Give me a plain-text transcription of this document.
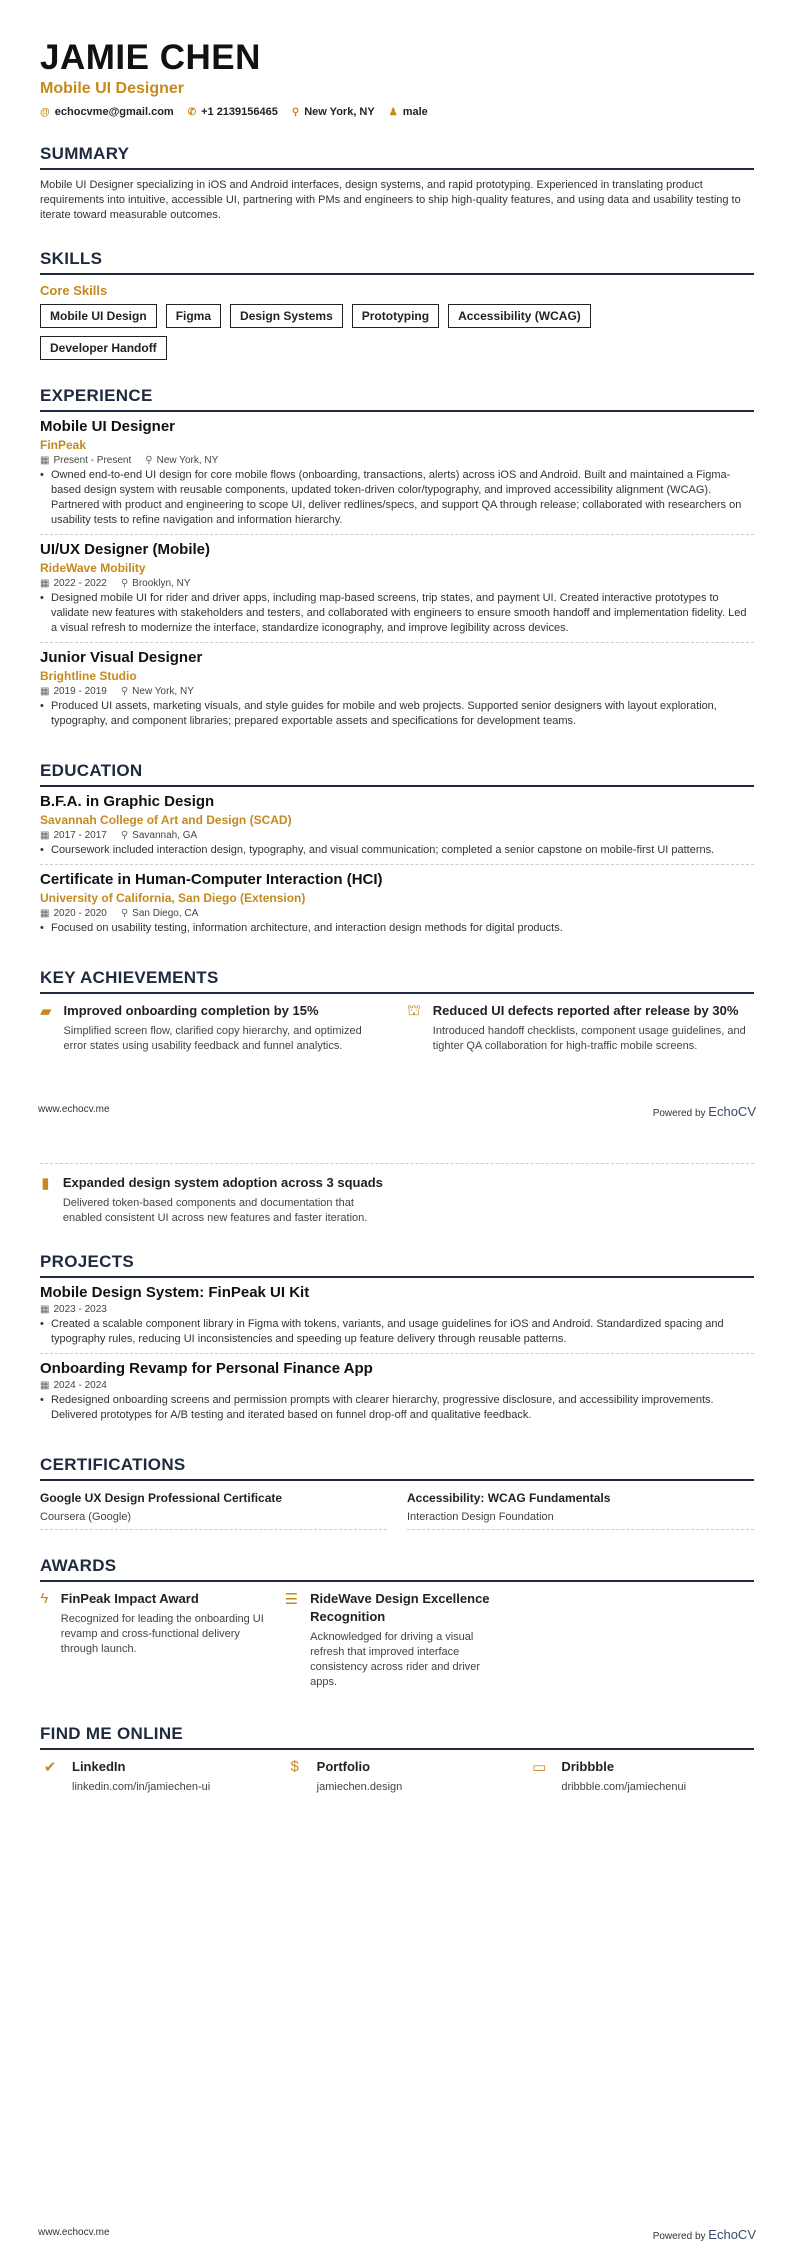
JAMIE CHEN
Mobile UI Designer
@ echocvme@gmail.com ✆ +1 2139156465 ⚲ New York, NY ♟ male
SUMMARY
Mobile UI Designer specializing in iOS and Android interfaces, design systems, and rapid prototyping. Experienced in translating product requirements into intuitive, accessible UI, partnering with PMs and engineers to ship high-quality features, and using data and usability testing to iterate toward measurable outcomes.
SKILLS
Core Skills
Mobile UI Design	Figma	Design Systems	Prototyping	Accessibility (WCAG)
Developer Handoff
EXPERIENCE
Mobile UI Designer
FinPeak
▦ Present - Present ⚲ New York, NY
• Owned end-to-end UI design for core mobile flows (onboarding, transactions, alerts) across iOS and Android. Built and maintained a Figma-based design system with reusable components, updated token-driven color/typography, and improved accessibility alignment (WCAG). Partnered with product and engineering to scope UI, deliver redlines/specs, and support QA through release; collaborated with researchers on usability tests to refine navigation and information hierarchy.
UI/UX Designer (Mobile)
RideWave Mobility
▦ 2022 - 2022 ⚲ Brooklyn, NY
• Designed mobile UI for rider and driver apps, including map-based screens, trip states, and payment UI. Created interactive prototypes to validate new features with stakeholders and testers, and collaborated with engineers to ensure smooth handoff and implementation fidelity. Led a visual refresh to modernize the interface, standardize iconography, and improve legibility across devices.
Junior Visual Designer
Brightline Studio
▦ 2019 - 2019 ⚲ New York, NY
• Produced UI assets, marketing visuals, and style guides for mobile and web projects. Supported senior designers with layout exploration, typography, and component libraries; prepared exportable assets and specifications for development teams.
EDUCATION
B.F.A. in Graphic Design
Savannah College of Art and Design (SCAD)
▦ 2017 - 2017 ⚲ Savannah, GA
• Coursework included interaction design, typography, and visual communication; completed a senior capstone on mobile-first UI patterns.
Certificate in Human-Computer Interaction (HCI)
University of California, San Diego (Extension)
▦ 2020 - 2020 ⚲ San Diego, CA
• Focused on usability testing, information architecture, and interaction design methods for digital products.
KEY ACHIEVEMENTS
▰ Improved onboarding completion by 15%

Simplified screen flow, clarified copy hierarchy, and optimized error states using usability feedback and funnel analytics.

⛫ Reduced UI defects reported after release by 30%

Introduced handoff checklists, component usage guidelines, and tighter QA collaboration for high-traffic mobile screens.

www.echocv.me	Powered by EchoCV
▮ Expanded design system adoption across 3 squads

Delivered token-based components and documentation that enabled consistent UI across new features and faster iteration.

PROJECTS
Mobile Design System: FinPeak UI Kit
▦ 2023 - 2023
• Created a scalable component library in Figma with tokens, variants, and usage guidelines for iOS and Android. Standardized spacing and typography rules, reducing UI inconsistencies and speeding up feature delivery through reusable patterns.
Onboarding Revamp for Personal Finance App
▦ 2024 - 2024
• Redesigned onboarding screens and permission prompts with clearer hierarchy, progressive disclosure, and accessibility improvements. Delivered prototypes for A/B testing and iterated based on funnel drop-off and qualitative feedback.
CERTIFICATIONS
Google UX Design Professional Certificate

Coursera (Google)

Accessibility: WCAG Fundamentals

Interaction Design Foundation

AWARDS
ϟ FinPeak Impact Award

Recognized for leading the onboarding UI revamp and cross-functional delivery through launch.

☰ RideWave Design Excellence Recognition

Acknowledged for driving a visual refresh that improved interface consistency across rider and driver apps.

FIND ME ONLINE
✔ LinkedIn

linkedin.com/in/jamiechen-ui

$	Portfolio

jamiechen.design

▭ Dribbble

dribbble.com/jamiechenui

www.echocv.me	Powered by EchoCV
